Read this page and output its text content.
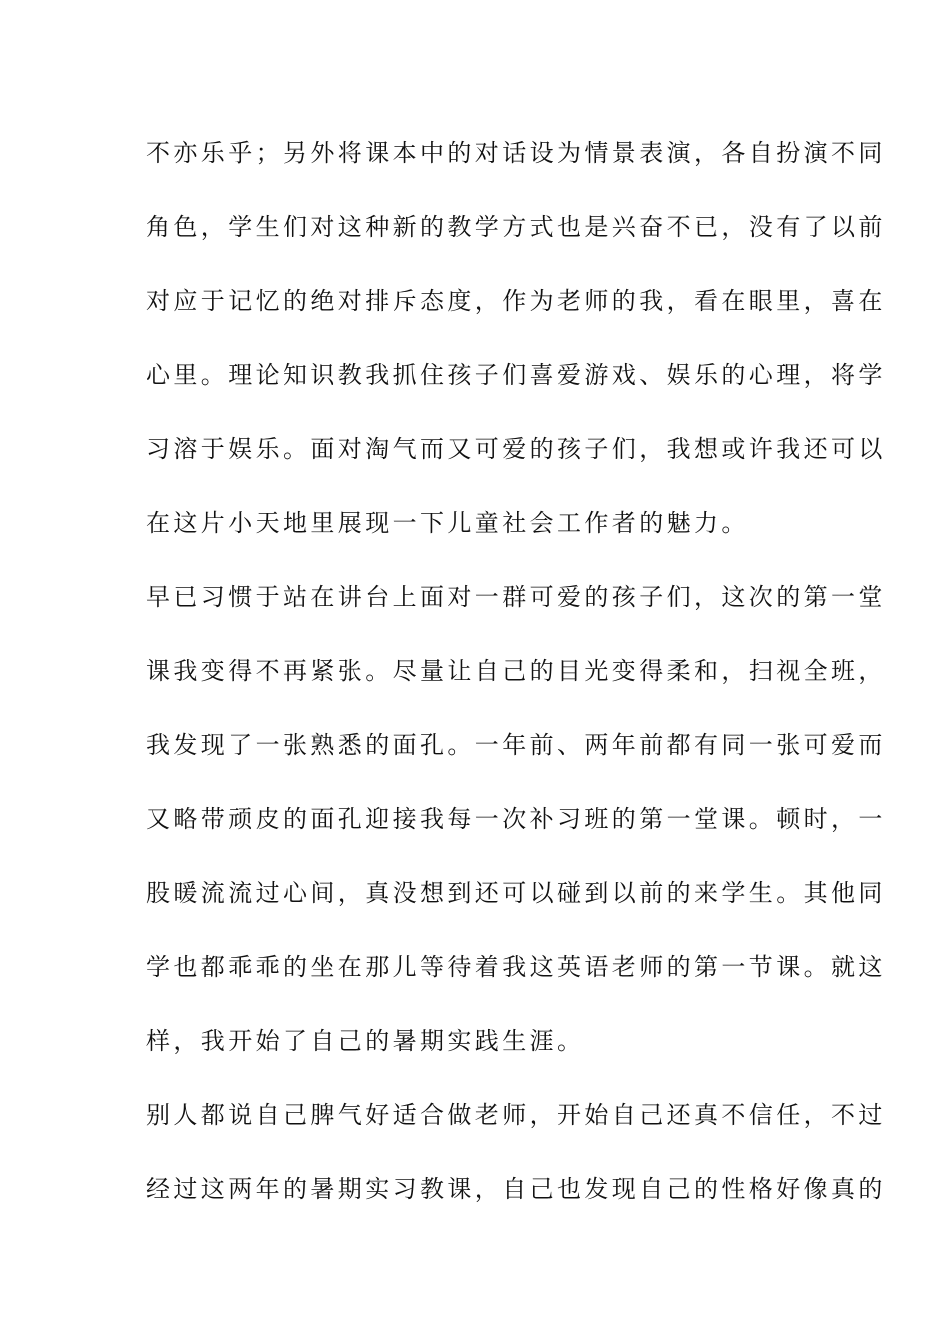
不亦乐乎；另外将课本中的对话设为情景表演，各自扮演不同
角色，学生们对这种新的教学方式也是兴奋不已，没有了以前
对应于记忆的绝对排斥态度，作为老师的我，看在眼里，喜在
心里。理论知识教我抓住孩子们喜爱游戏、娱乐的心理，将学
习溶于娱乐。面对淘气而又可爱的孩子们，我想或许我还可以
在这片小天地里展现一下儿童社会工作者的魅力。
早已习惯于站在讲台上面对一群可爱的孩子们，这次的第一堂
课我变得不再紧张。尽量让自己的目光变得柔和，扫视全班，
我发现了一张熟悉的面孔。一年前、两年前都有同一张可爱而
又略带顽皮的面孔迎接我每一次补习班的第一堂课。顿时，一
股暖流流过心间，真没想到还可以碰到以前的来学生。其他同
学也都乖乖的坐在那儿等待着我这英语老师的第一节课。就这
样，我开始了自己的暑期实践生涯。
别人都说自己脾气好适合做老师，开始自己还真不信任，不过
经过这两年的暑期实习教课，自己也发现自己的性格好像真的
